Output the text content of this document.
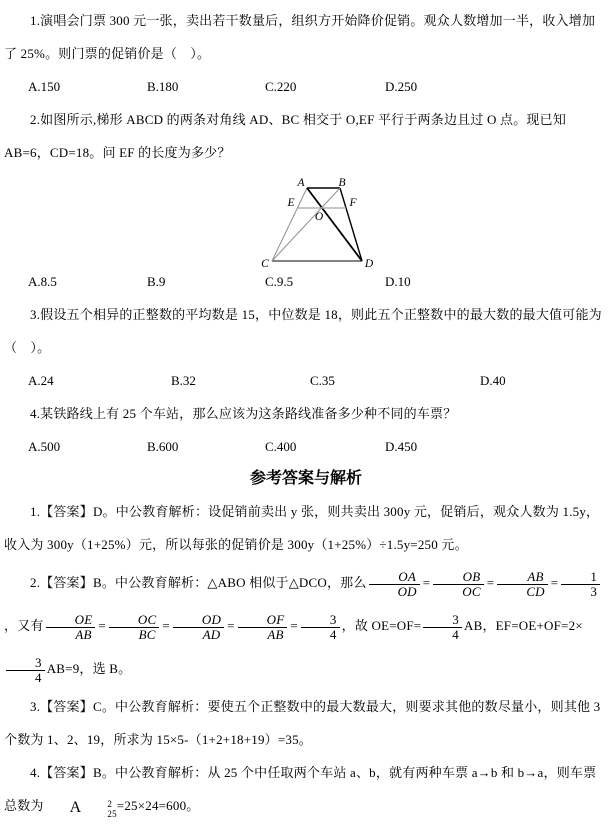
1.演唱会门票 300 元一张，卖出若干数量后，组织方开始降价促销。观众人数增加一半，收入增加了 25%。则门票的促销价是（　）。

A.150	B.180	C.220	D.250

2.如图所示,梯形 ABCD 的两条对角线 AD、BC 相交于 O,EF 平行于两条边且过 O 点。现已知 AB=6，CD=18。问 EF 的长度为多少？

A	B
E	F
O
C	D
A.8.5	B.9	C.9.5	D.10

3.假设五个相异的正整数的平均数是 15，中位数是 18，则此五个正整数中的最大数的最大值可能为（　）。

A.24	B.32	C.35	D.40

4.某铁路线上有 25 个车站，那么应该为这条路线准备多少种不同的车票？

A.500	B.600	C.400	D.450
参考答案与解析

1.【答案】D。中公教育解析：设促销前卖出 y 张，则共卖出 300y 元，促销后，观众人数为 1.5y，收入为 300y（1+25%）元，所以每张的促销价是 300y（1+25%）÷1.5y=250 元。

2.【答案】B。中公教育解析：△ABO 相似于△DCO，那么 $\frac{OA}{OD} = \frac{OB}{OC} = \frac{AB}{CD} = \frac{1}{3}$
，又有 $\frac{OE}{AB} = \frac{OC}{BC} = \frac{OD}{AD} = \frac{OF}{AB} = \frac{3}{4}$ ，故 $OE=OF= \frac{3}{4}$ AB，EF=OE+OF=2×
$\frac{3}{4} AB=9$，选 B。

3.【答案】C。中公教育解析：要使五个正整数中的最大数最大，则要求其他的数尽量小，则其他 3 个数为 1、2、19，所求为 15×5-（1+2+18+19）=35。

4.【答案】B。中公教育解析：从 25 个中任取两个车站 a、b，就有两种车票 a→b 和 b→a，则车票总数为 A	2
25
=25×24=600。
